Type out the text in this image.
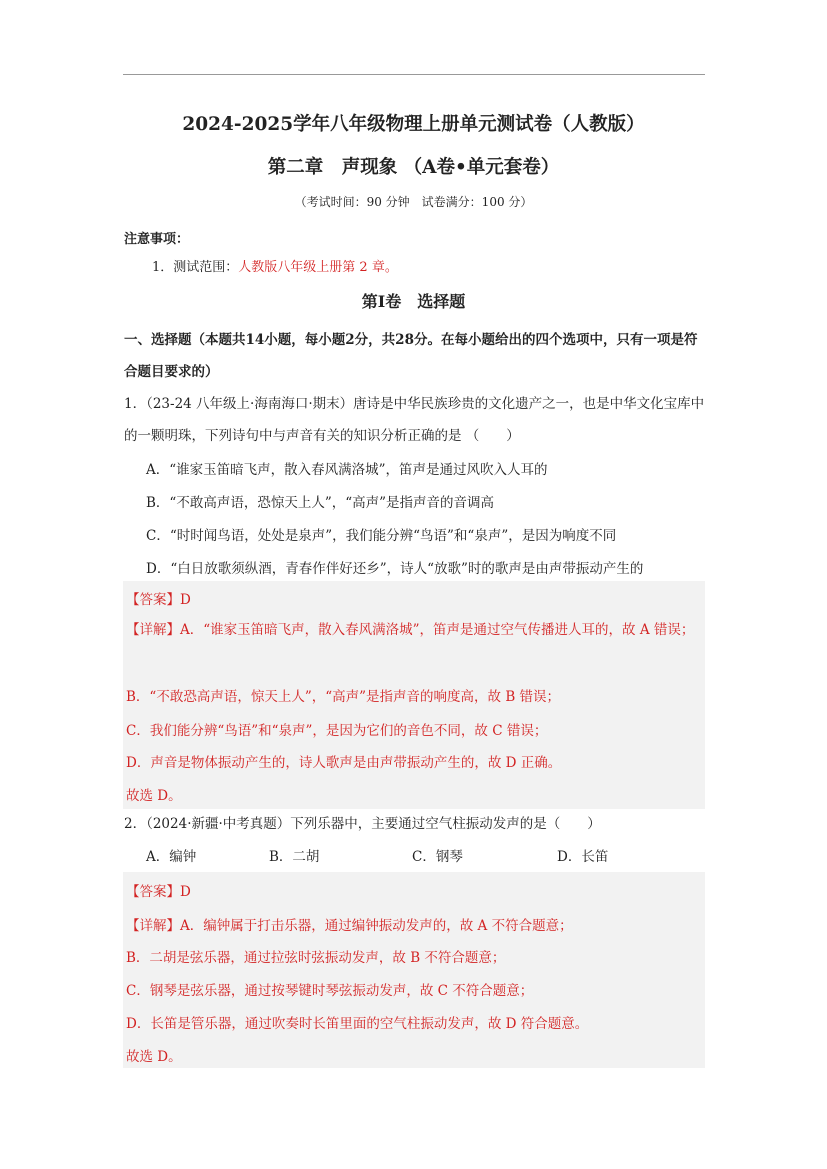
2024-2025学年八年级物理上册单元测试卷（人教版）
第二章　声现象 （A卷•单元套卷）
（考试时间：90 分钟　试卷满分：100 分）
注意事项：
1．测试范围：人教版八年级上册第 2 章。
第Ⅰ卷　选择题
一、选择题（本题共14小题，每小题2分，共28分。在每小题给出的四个选项中，只有一项是符合题目要求的）
1．（23-24 八年级上·海南海口·期末）唐诗是中华民族珍贵的文化遗产之一，也是中华文化宝库中的一颗明珠，下列诗句中与声音有关的知识分析正确的是 （　　）
A．“谁家玉笛暗飞声，散入春风满洛城”，笛声是通过风吹入人耳的
B．“不敢高声语，恐惊天上人”，“高声”是指声音的音调高
C．“时时闻鸟语，处处是泉声”，我们能分辨“鸟语”和“泉声”，是因为响度不同
D．“白日放歌须纵酒，青春作伴好还乡”，诗人“放歌”时的歌声是由声带振动产生的
【答案】D
【详解】A．“谁家玉笛暗飞声，散入春风满洛城”，笛声是通过空气传播进人耳的，故 A 错误；
B．“不敢恐高声语，惊天上人”，“高声”是指声音的响度高，故 B 错误；
C．我们能分辨“鸟语”和“泉声”，是因为它们的音色不同，故 C 错误；
D．声音是物体振动产生的，诗人歌声是由声带振动产生的，故 D 正确。
故选 D。
2．（2024·新疆·中考真题）下列乐器中，主要通过空气柱振动发声的是（　　）
A．编钟	B．二胡	C．钢琴	D．长笛
【答案】D
【详解】A．编钟属于打击乐器，通过编钟振动发声的，故 A 不符合题意；
B．二胡是弦乐器，通过拉弦时弦振动发声，故 B 不符合题意；
C．钢琴是弦乐器，通过按琴键时琴弦振动发声，故 C 不符合题意；
D．长笛是管乐器，通过吹奏时长笛里面的空气柱振动发声，故 D 符合题意。
故选 D。
